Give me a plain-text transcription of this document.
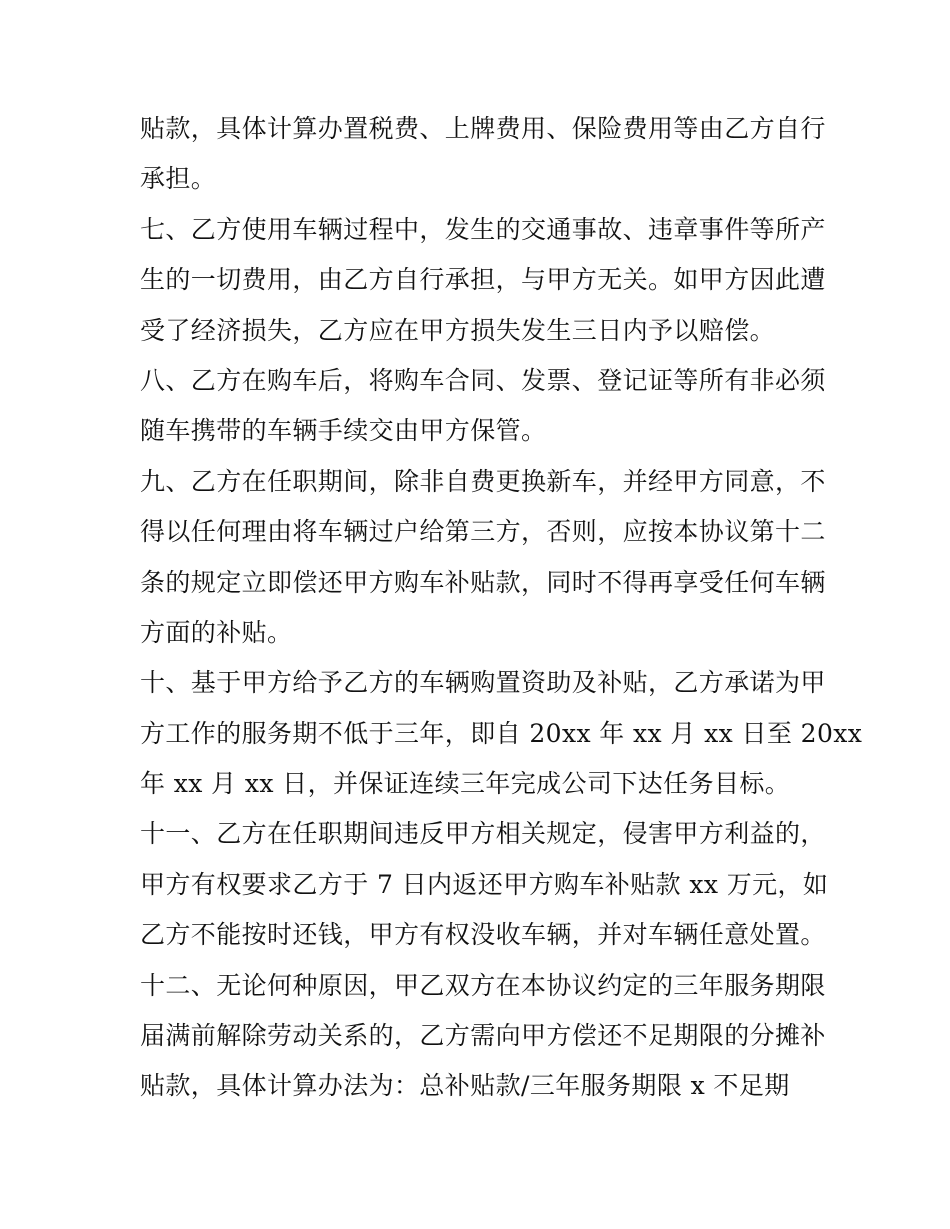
贴款，具体计算办置税费、上牌费用、保险费用等由乙方自行
承担。
七、乙方使用车辆过程中，发生的交通事故、违章事件等所产
生的一切费用，由乙方自行承担，与甲方无关。如甲方因此遭
受了经济损失，乙方应在甲方损失发生三日内予以赔偿。
八、乙方在购车后，将购车合同、发票、登记证等所有非必须
随车携带的车辆手续交由甲方保管。
九、乙方在任职期间，除非自费更换新车，并经甲方同意，不
得以任何理由将车辆过户给第三方，否则，应按本协议第十二
条的规定立即偿还甲方购车补贴款，同时不得再享受任何车辆
方面的补贴。
十、基于甲方给予乙方的车辆购置资助及补贴，乙方承诺为甲
方工作的服务期不低于三年，即自 20xx 年 xx 月 xx 日至 20xx
年 xx 月 xx 日，并保证连续三年完成公司下达任务目标。
十一、乙方在任职期间违反甲方相关规定，侵害甲方利益的，
甲方有权要求乙方于 7 日内返还甲方购车补贴款 xx 万元，如
乙方不能按时还钱，甲方有权没收车辆，并对车辆任意处置。
十二、无论何种原因，甲乙双方在本协议约定的三年服务期限
届满前解除劳动关系的，乙方需向甲方偿还不足期限的分摊补
贴款，具体计算办法为：总补贴款/三年服务期限 x 不足期
